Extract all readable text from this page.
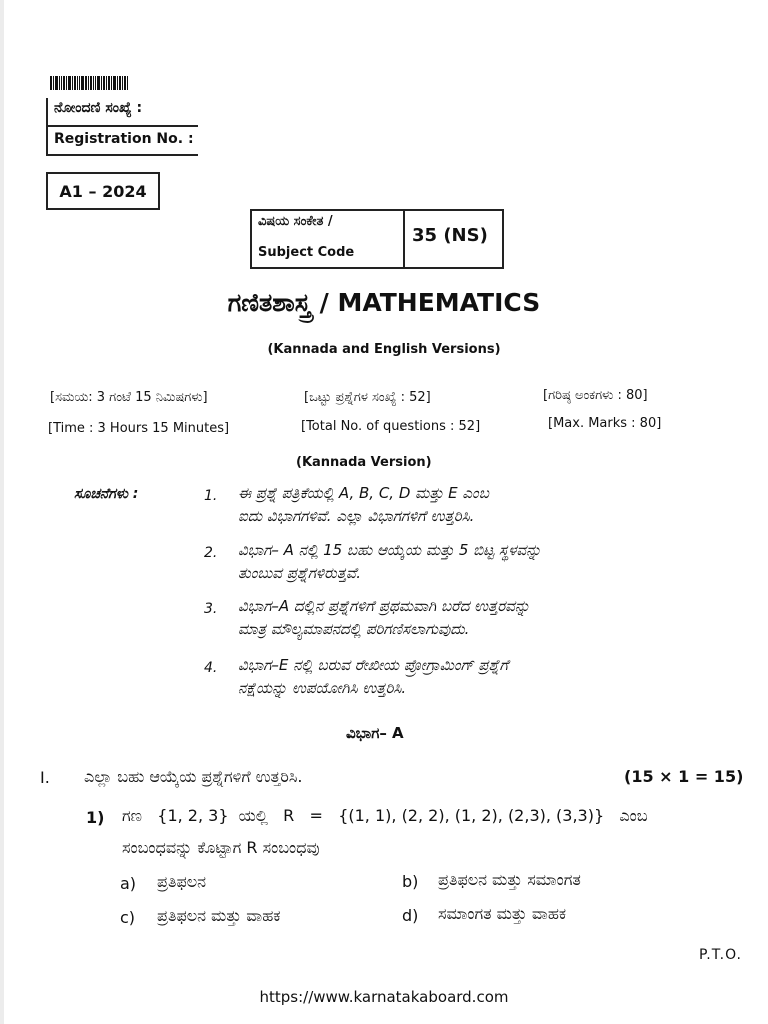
ನೋಂದಣಿ ಸಂಖ್ಯೆ :
Registration No. :
A1 – 2024
ವಿಷಯ ಸಂಕೇತ /
Subject Code
35 (NS)
ಗಣಿತಶಾಸ್ತ್ರ / MATHEMATICS
(Kannada and English Versions)
[ಸಮಯ: 3 ಗಂಟೆ 15 ನಿಮಿಷಗಳು]	[ಒಟ್ಟು ಪ್ರಶ್ನೆಗಳ ಸಂಖ್ಯೆ : 52]	[ಗರಿಷ್ಠ ಅಂಕಗಳು : 80]
[Time : 3 Hours 15 Minutes]	[Total No. of questions : 52]	[Max. Marks : 80]
(Kannada Version)
ಸೂಚನೆಗಳು :	1. ಈ ಪ್ರಶ್ನೆ ಪತ್ರಿಕೆಯಲ್ಲಿ A, B, C, D ಮತ್ತು E ಎಂಬ
ಐದು ವಿಭಾಗಗಳಿವೆ. ಎಲ್ಲಾ ವಿಭಾಗಗಳಿಗೆ ಉತ್ತರಿಸಿ.
2. ವಿಭಾಗ– A ನಲ್ಲಿ 15 ಬಹು ಆಯ್ಕೆಯ ಮತ್ತು 5 ಬಿಟ್ಟ ಸ್ಥಳವನ್ನು
ತುಂಬುವ ಪ್ರಶ್ನೆಗಳಿರುತ್ತವೆ.
3. ವಿಭಾಗ–A ದಲ್ಲಿನ ಪ್ರಶ್ನೆಗಳಿಗೆ ಪ್ರಥಮವಾಗಿ ಬರೆದ ಉತ್ತರವನ್ನು
ಮಾತ್ರ ಮೌಲ್ಯಮಾಪನದಲ್ಲಿ ಪರಿಗಣಿಸಲಾಗುವುದು.
4. ವಿಭಾಗ–E ನಲ್ಲಿ ಬರುವ ರೇಖೀಯ ಪ್ರೋಗ್ರಾಮಿಂಗ್ ಪ್ರಶ್ನೆಗೆ
ನಕ್ಷೆಯನ್ನು ಉಪಯೋಗಿಸಿ ಉತ್ತರಿಸಿ.
ವಿಭಾಗ– A
I. ಎಲ್ಲಾ ಬಹು ಆಯ್ಕೆಯ ಪ್ರಶ್ನೆಗಳಿಗೆ ಉತ್ತರಿಸಿ.	(15 × 1 = 15)
1) ಗಣ   {1, 2, 3}  ಯಲ್ಲಿ   R   =   {(1, 1), (2, 2), (1, 2), (2,3), (3,3)}   ಎಂಬ
ಸಂಬಂಧವನ್ನು ಕೊಟ್ಟಾಗ R ಸಂಬಂಧವು
a) ಪ್ರತಿಫಲನ	b) ಪ್ರತಿಫಲನ ಮತ್ತು ಸಮಾಂಗತ
c) ಪ್ರತಿಫಲನ ಮತ್ತು ವಾಹಕ	d) ಸಮಾಂಗತ ಮತ್ತು ವಾಹಕ
P.T.O.
https://www.karnatakaboard.com
